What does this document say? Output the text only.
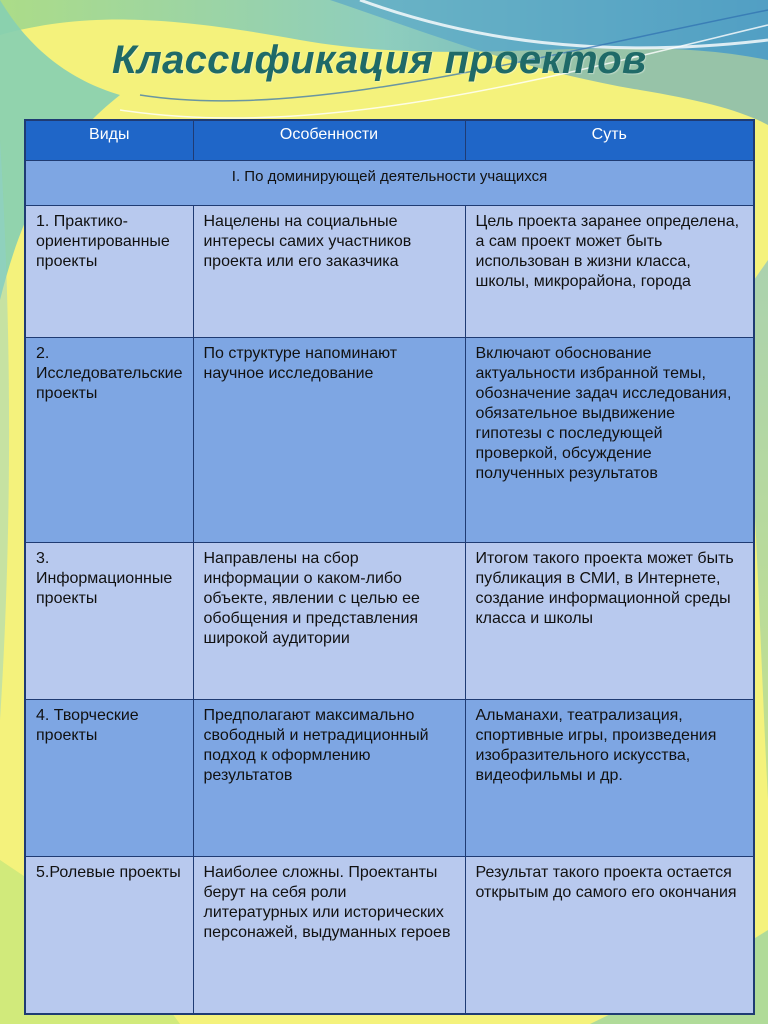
Классификация проектов
Виды	Особенности	Суть
I. По доминирующей деятельности учащихся		
1. Практико-ориентированные проекты	Нацелены на социальные интересы самих участников проекта или его заказчика	Цель проекта заранее определена, а сам проект может быть использован в жизни класса, школы, микрорайона, города
2. Исследовательские проекты	По структуре напоминают научное исследование	Включают обоснование актуальности избранной темы, обозначение задач исследования, обязательное выдвижение гипотезы с последующей проверкой, обсуждение полученных результатов
3. Информационные проекты	Направлены на сбор информации о каком-либо объекте, явлении с целью ее обобщения и представления широкой аудитории	Итогом такого проекта может быть публикация в СМИ, в Интернете, создание информационной среды класса и школы
4. Творческие проекты	Предполагают максимально свободный и нетрадиционный подход к оформлению результатов	Альманахи, театрализация, спортивные игры, произведения изобразительного искусства, видеофильмы и др.
5.Ролевые проекты	Наиболее сложны. Проектанты берут на себя роли литературных или исторических персонажей, выдуманных героев	Результат такого проекта остается открытым до самого его окончания
